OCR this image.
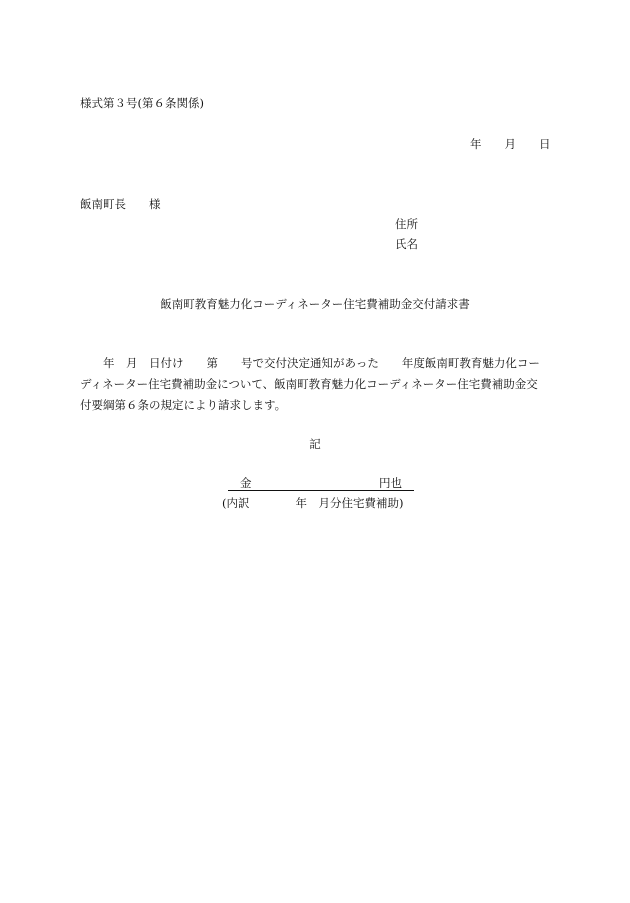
様式第３号(第６条関係)
年　　月　　日
飯南町長　　様
住所
氏名
飯南町教育魅力化コーディネーター住宅費補助金交付請求書
　　年　月　日付け　　第　　号で交付決定通知があった　　年度飯南町教育魅力化コー
ディネーター住宅費補助金について、飯南町教育魅力化コーディネーター住宅費補助金交
付要綱第６条の規定により請求します。
記

金

	円也

(内訳　　　　年　月分住宅費補助)
